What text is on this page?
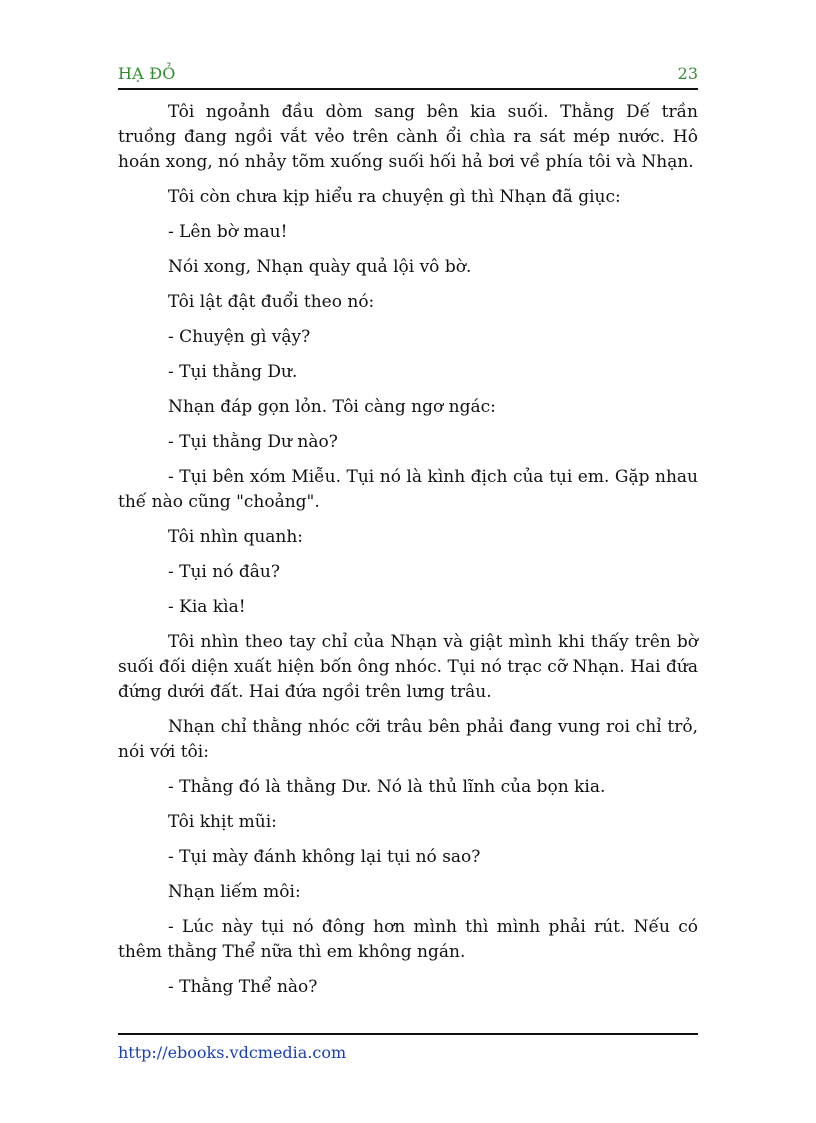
HẠ ĐỎ	23

Tôi ngoảnh đầu dòm sang bên kia suối. Thằng Dế trần truồng đang ngồi vắt vẻo trên cành ổi chìa ra sát mép nước. Hô hoán xong, nó nhảy tõm xuống suối hối hả bơi về phía tôi và Nhạn.

Tôi còn chưa kịp hiểu ra chuyện gì thì Nhạn đã giục:

- Lên bờ mau!

Nói xong, Nhạn quày quả lội vô bờ.

Tôi lật đật đuổi theo nó:

- Chuyện gì vậy?

- Tụi thằng Dư.

Nhạn đáp gọn lỏn. Tôi càng ngơ ngác:

- Tụi thằng Dư nào?

- Tụi bên xóm Miễu. Tụi nó là kình địch của tụi em. Gặp nhau thế nào cũng "choảng".

Tôi nhìn quanh:

- Tụi nó đâu?

- Kia kìa!

Tôi nhìn theo tay chỉ của Nhạn và giật mình khi thấy trên bờ suối đối diện xuất hiện bốn ông nhóc. Tụi nó trạc cỡ Nhạn. Hai đứa đứng dưới đất. Hai đứa ngồi trên lưng trâu.

Nhạn chỉ thằng nhóc cỡi trâu bên phải đang vung roi chỉ trỏ, nói với tôi:

- Thằng đó là thằng Dư. Nó là thủ lĩnh của bọn kia.

Tôi khịt mũi:

- Tụi mày đánh không lại tụi nó sao?

Nhạn liếm môi:

- Lúc này tụi nó đông hơn mình thì mình phải rút. Nếu có thêm thằng Thể nữa thì em không ngán.

- Thằng Thể nào?

http://ebooks.vdcmedia.com
